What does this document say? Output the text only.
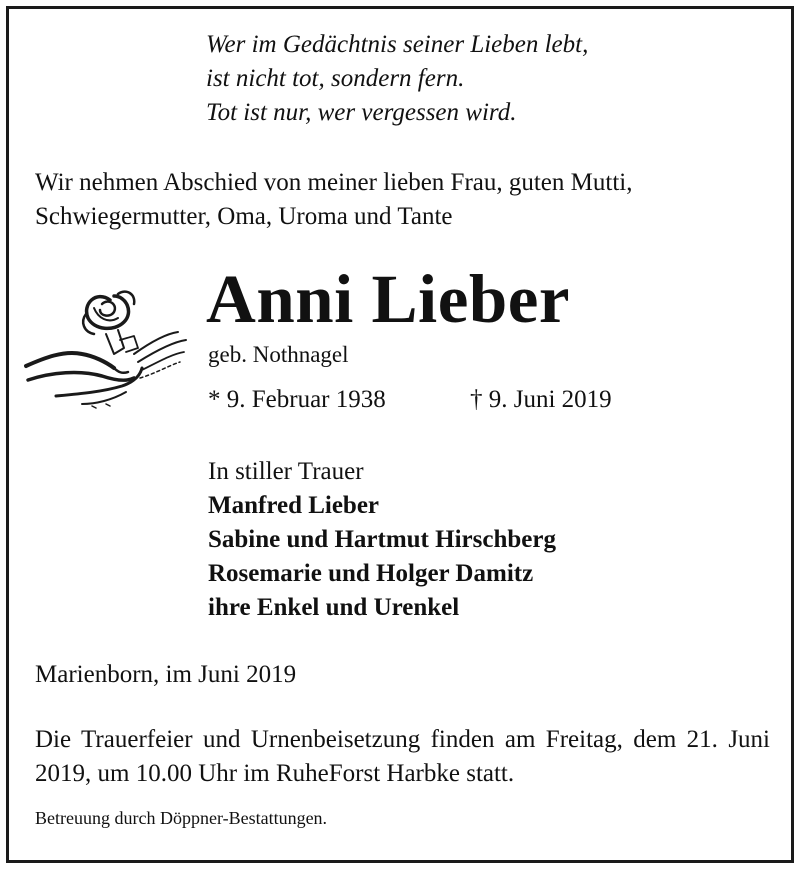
Wer im Gedächtnis seiner Lieben lebt,
ist nicht tot, sondern fern.
Tot ist nur, wer vergessen wird.
Wir nehmen Abschied von meiner lieben Frau, guten Mutti, Schwiegermutter, Oma, Uroma und Tante
Anni Lieber
geb. Nothnagel
* 9. Februar 1938	† 9. Juni 2019
In stiller Trauer
Manfred Lieber
Sabine und Hartmut Hirschberg
Rosemarie und Holger Damitz
ihre Enkel und Urenkel
Marienborn, im Juni 2019
Die Trauerfeier und Urnenbeisetzung finden am Freitag, dem 21. Juni 2019, um 10.00 Uhr im RuheForst Harbke statt.
Betreuung durch Döppner-Bestattungen.
